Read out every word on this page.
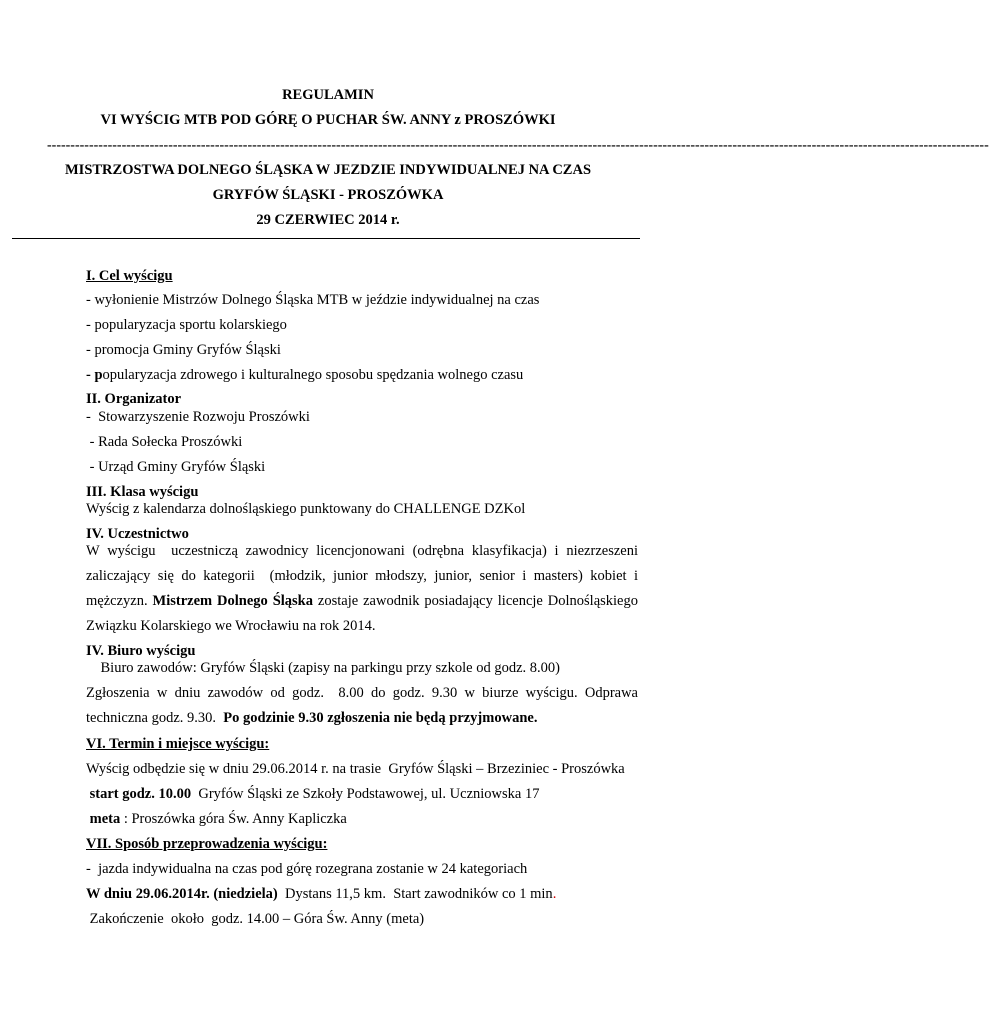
REGULAMIN
VI WYŚCIG MTB POD GÓRĘ O PUCHAR ŚW. ANNY z PROSZÓWKI
----------------------------------------------------------------------------------------------------------------------------------------------------------------------------------------------------------
MISTRZOSTWA DOLNEGO ŚLĄSKA W JEZDZIE INDYWIDUALNEJ NA CZAS
GRYFÓW ŚLĄSKI - PROSZÓWKA
29 CZERWIEC 2014 r.
I. Cel wyścigu
- wyłonienie Mistrzów Dolnego Śląska MTB w jeździe indywidualnej na czas
- popularyzacja sportu kolarskiego
- promocja Gminy Gryfów Śląski
- popularyzacja zdrowego i kulturalnego sposobu spędzania wolnego czasu
II. Organizator
-  Stowarzyszenie Rozwoju Proszówki
- Rada Sołecka Proszówki
- Urząd Gminy Gryfów Śląski
III. Klasa wyścigu
Wyścig z kalendarza dolnośląskiego punktowany do CHALLENGE DZKol
IV. Uczestnictwo
W wyścigu  uczestniczą zawodnicy licencjonowani (odrębna klasyfikacja) i niezrzeszeni
zaliczający się do kategorii  (młodzik, junior młodszy, junior, senior i masters) kobiet i
mężczyzn. Mistrzem Dolnego Śląska zostaje zawodnik posiadający licencje Dolnośląskiego
Związku Kolarskiego we Wrocławiu na rok 2014.
IV. Biuro wyścigu
Biuro zawodów: Gryfów Śląski (zapisy na parkingu przy szkole od godz. 8.00)
Zgłoszenia w dniu zawodów od godz.  8.00 do godz. 9.30 w biurze wyścigu. Odprawa
techniczna godz. 9.30.  Po godzinie 9.30 zgłoszenia nie będą przyjmowane.
VI. Termin i miejsce wyścigu:
Wyścig odbędzie się w dniu 29.06.2014 r. na trasie  Gryfów Śląski – Brzeziniec - Proszówka
start godz. 10.00  Gryfów Śląski ze Szkoły Podstawowej, ul. Uczniowska 17
meta : Proszówka góra Św. Anny Kapliczka
VII. Sposób przeprowadzenia wyścigu:
-  jazda indywidualna na czas pod górę rozegrana zostanie w 24 kategoriach
W dniu 29.06.2014r. (niedziela)  Dystans 11,5 km.  Start zawodników co 1 min.
Zakończenie  około  godz. 14.00 – Góra Św. Anny (meta)
